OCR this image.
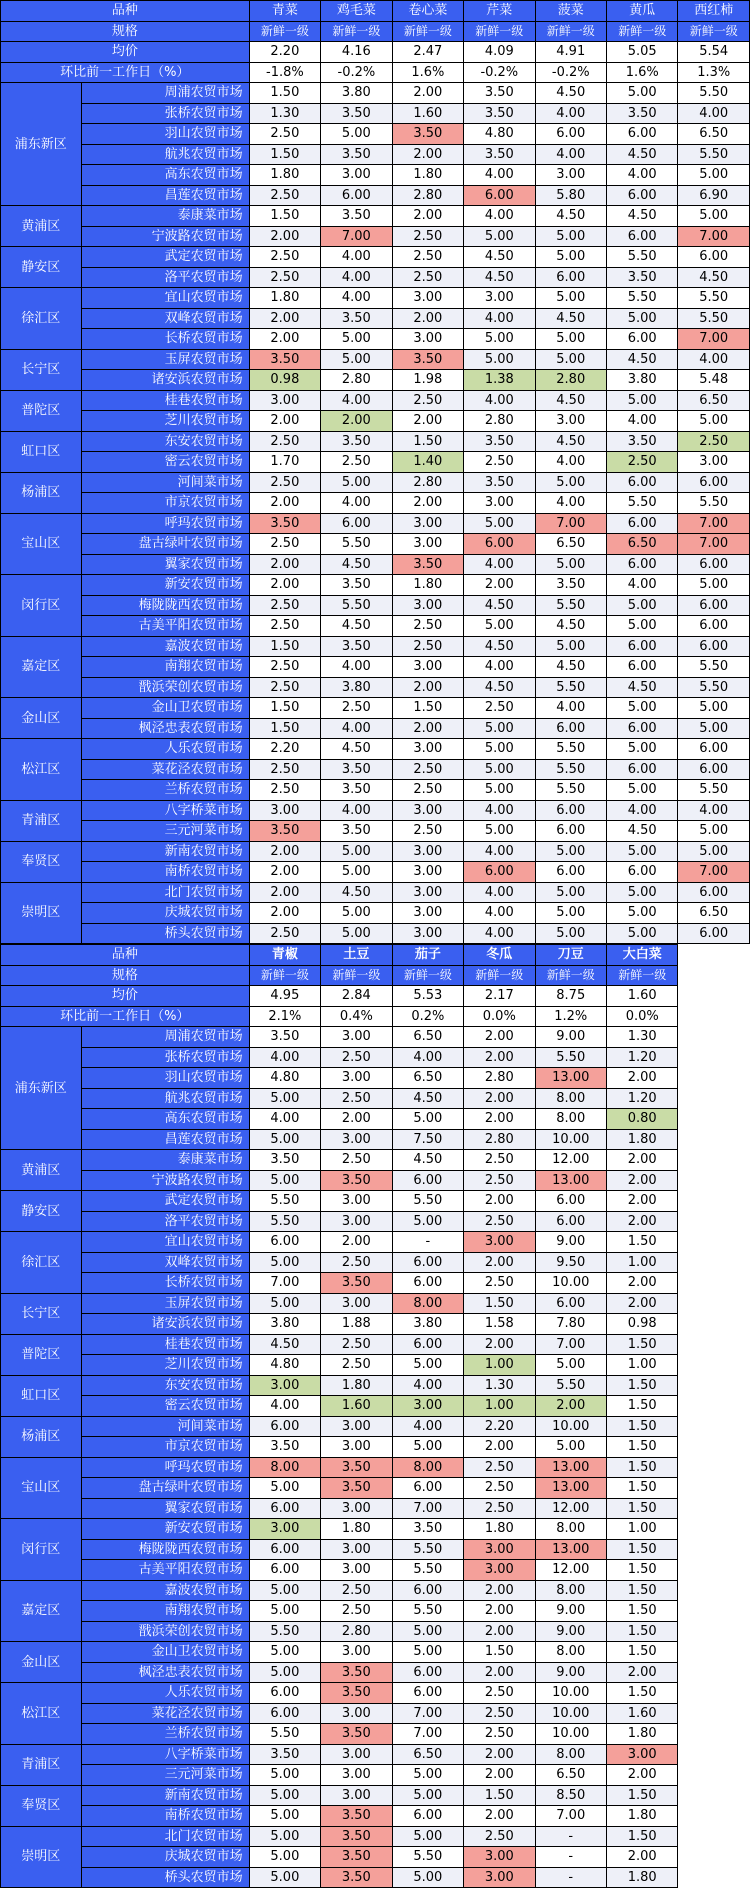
品种		青菜	鸡毛菜	卷心菜	芹菜	菠菜	黄瓜	西红柿
规格		新鲜一级	新鲜一级	新鲜一级	新鲜一级	新鲜一级	新鲜一级	新鲜一级
均价		2.20	4.16	2.47	4.09	4.91	5.05	5.54
环比前一工作日（%）		-1.8%	-0.2%	1.6%	-0.2%	-0.2%	1.6%	1.3%
浦东新区	周浦农贸市场	1.50	3.80	2.00	3.50	4.50	5.00	5.50
	张桥农贸市场	1.30	3.50	1.60	3.50	4.00	3.50	4.00
	羽山农贸市场	2.50	5.00	3.50	4.80	6.00	6.00	6.50
	航兆农贸市场	1.50	3.50	2.00	3.50	4.00	4.50	5.50
	高东农贸市场	1.80	3.00	1.80	4.00	3.00	4.00	5.00
	昌莲农贸市场	2.50	6.00	2.80	6.00	5.80	6.00	6.90
黄浦区	泰康菜市场	1.50	3.50	2.00	4.00	4.50	4.50	5.00
	宁波路农贸市场	2.00	7.00	2.50	5.00	5.00	6.00	7.00
静安区	武定农贸市场	2.50	4.00	2.50	4.50	5.00	5.50	6.00
	洛平农贸市场	2.50	4.00	2.50	4.50	6.00	3.50	4.50
徐汇区	宜山农贸市场	1.80	4.00	3.00	3.00	5.00	5.50	5.50
	双峰农贸市场	2.00	3.50	2.00	4.00	4.50	5.00	5.50
	长桥农贸市场	2.00	5.00	3.00	5.00	5.00	6.00	7.00
长宁区	玉屏农贸市场	3.50	5.00	3.50	5.00	5.00	4.50	4.00
	诸安浜农贸市场	0.98	2.80	1.98	1.38	2.80	3.80	5.48
普陀区	桂巷农贸市场	3.00	4.00	2.50	4.00	4.50	5.00	6.50
	芝川农贸市场	2.00	2.00	2.00	2.80	3.00	4.00	5.00
虹口区	东安农贸市场	2.50	3.50	1.50	3.50	4.50	3.50	2.50
	密云农贸市场	1.70	2.50	1.40	2.50	4.00	2.50	3.00
杨浦区	河间菜市场	2.50	5.00	2.80	3.50	5.00	6.00	6.00
	市京农贸市场	2.00	4.00	2.00	3.00	4.00	5.50	5.50
宝山区	呼玛农贸市场	3.50	6.00	3.00	5.00	7.00	6.00	7.00
	盘古绿叶农贸市场	2.50	5.50	3.00	6.00	6.50	6.50	7.00
	翼家农贸市场	2.00	4.50	3.50	4.00	5.00	6.00	6.00
闵行区	新安农贸市场	2.00	3.50	1.80	2.00	3.50	4.00	5.00
	梅陇陇西农贸市场	2.50	5.50	3.00	4.50	5.50	5.00	6.00
	古美平阳农贸市场	2.50	4.50	2.50	5.00	4.50	5.00	6.00
嘉定区	嘉波农贸市场	1.50	3.50	2.50	4.50	5.00	6.00	6.00
	南翔农贸市场	2.50	4.00	3.00	4.00	4.50	6.00	5.50
	戬浜荣创农贸市场	2.50	3.80	2.00	4.50	5.50	4.50	5.50
金山区	金山卫农贸市场	1.50	2.50	1.50	2.50	4.00	5.00	5.00
	枫泾忠表农贸市场	1.50	4.00	2.00	5.00	6.00	6.00	5.00
松江区	人乐农贸市场	2.20	4.50	3.00	5.00	5.50	5.00	6.00
	菜花泾农贸市场	2.50	3.50	2.50	5.00	5.50	6.00	6.00
	兰桥农贸市场	2.50	3.50	2.50	5.00	5.50	5.00	5.50
青浦区	八字桥菜市场	3.00	4.00	3.00	4.00	6.00	4.00	4.00
	三元河菜市场	3.50	3.50	2.50	5.00	6.00	4.50	5.00
奉贤区	新南农贸市场	2.00	5.00	3.00	4.00	5.00	5.00	5.00
	南桥农贸市场	2.00	5.00	3.00	6.00	6.00	6.00	7.00
崇明区	北门农贸市场	2.00	4.50	3.00	4.00	5.00	5.00	6.00
	庆城农贸市场	2.00	5.00	3.00	4.00	5.00	5.00	6.50
	桥头农贸市场	2.50	5.00	3.00	4.00	5.00	5.00	6.00
品种		青椒	土豆	茄子	冬瓜	刀豆	大白菜	
规格		新鲜一级	新鲜一级	新鲜一级	新鲜一级	新鲜一级	新鲜一级	
均价		4.95	2.84	5.53	2.17	8.75	1.60	
环比前一工作日（%）		2.1%	0.4%	0.2%	0.0%	1.2%	0.0%	
浦东新区	周浦农贸市场	3.50	3.00	6.50	2.00	9.00	1.30	
	张桥农贸市场	4.00	2.50	4.00	2.00	5.50	1.20	
	羽山农贸市场	4.80	3.00	6.50	2.80	13.00	2.00	
	航兆农贸市场	5.00	2.50	4.50	2.00	8.00	1.20	
	高东农贸市场	4.00	2.00	5.00	2.00	8.00	0.80	
	昌莲农贸市场	5.00	3.00	7.50	2.80	10.00	1.80	
黄浦区	泰康菜市场	3.50	2.50	4.50	2.50	12.00	2.00	
	宁波路农贸市场	5.00	3.50	6.00	2.50	13.00	2.00	
静安区	武定农贸市场	5.50	3.00	5.50	2.00	6.00	2.00	
	洛平农贸市场	5.50	3.00	5.00	2.50	6.00	2.00	
徐汇区	宜山农贸市场	6.00	2.00	-	3.00	9.00	1.50	
	双峰农贸市场	5.00	2.50	6.00	2.00	9.50	1.00	
	长桥农贸市场	7.00	3.50	6.00	2.50	10.00	2.00	
长宁区	玉屏农贸市场	5.00	3.00	8.00	1.50	6.00	2.00	
	诸安浜农贸市场	3.80	1.88	3.80	1.58	7.80	0.98	
普陀区	桂巷农贸市场	4.50	2.50	6.00	2.00	7.00	1.50	
	芝川农贸市场	4.80	2.50	5.00	1.00	5.00	1.00	
虹口区	东安农贸市场	3.00	1.80	4.00	1.30	5.50	1.50	
	密云农贸市场	4.00	1.60	3.00	1.00	2.00	1.50	
杨浦区	河间菜市场	6.00	3.00	4.00	2.20	10.00	1.50	
	市京农贸市场	3.50	3.00	5.00	2.00	5.00	1.50	
宝山区	呼玛农贸市场	8.00	3.50	8.00	2.50	13.00	1.50	
	盘古绿叶农贸市场	5.00	3.50	6.00	2.50	13.00	1.50	
	翼家农贸市场	6.00	3.00	7.00	2.50	12.00	1.50	
闵行区	新安农贸市场	3.00	1.80	3.50	1.80	8.00	1.00	
	梅陇陇西农贸市场	6.00	3.00	5.50	3.00	13.00	1.50	
	古美平阳农贸市场	6.00	3.00	5.50	3.00	12.00	1.50	
嘉定区	嘉波农贸市场	5.00	2.50	6.00	2.00	8.00	1.50	
	南翔农贸市场	5.00	2.50	5.50	2.00	9.00	1.50	
	戬浜荣创农贸市场	5.50	2.80	5.00	2.00	9.00	1.50	
金山区	金山卫农贸市场	5.00	3.00	5.00	1.50	8.00	1.50	
	枫泾忠表农贸市场	5.00	3.50	6.00	2.00	9.00	2.00	
松江区	人乐农贸市场	6.00	3.50	6.00	2.50	10.00	1.50	
	菜花泾农贸市场	6.00	3.00	7.00	2.50	10.00	1.60	
	兰桥农贸市场	5.50	3.50	7.00	2.50	10.00	1.80	
青浦区	八字桥菜市场	3.50	3.00	6.50	2.00	8.00	3.00	
	三元河菜市场	5.00	3.00	5.00	2.00	6.50	2.00	
奉贤区	新南农贸市场	5.00	3.00	5.00	1.50	8.50	1.50	
	南桥农贸市场	5.00	3.50	6.00	2.00	7.00	1.80	
崇明区	北门农贸市场	5.00	3.50	5.00	2.50	-	1.50	
	庆城农贸市场	5.00	3.50	5.50	3.00	-	2.00	
	桥头农贸市场	5.00	3.50	5.00	3.00	-	1.80	
